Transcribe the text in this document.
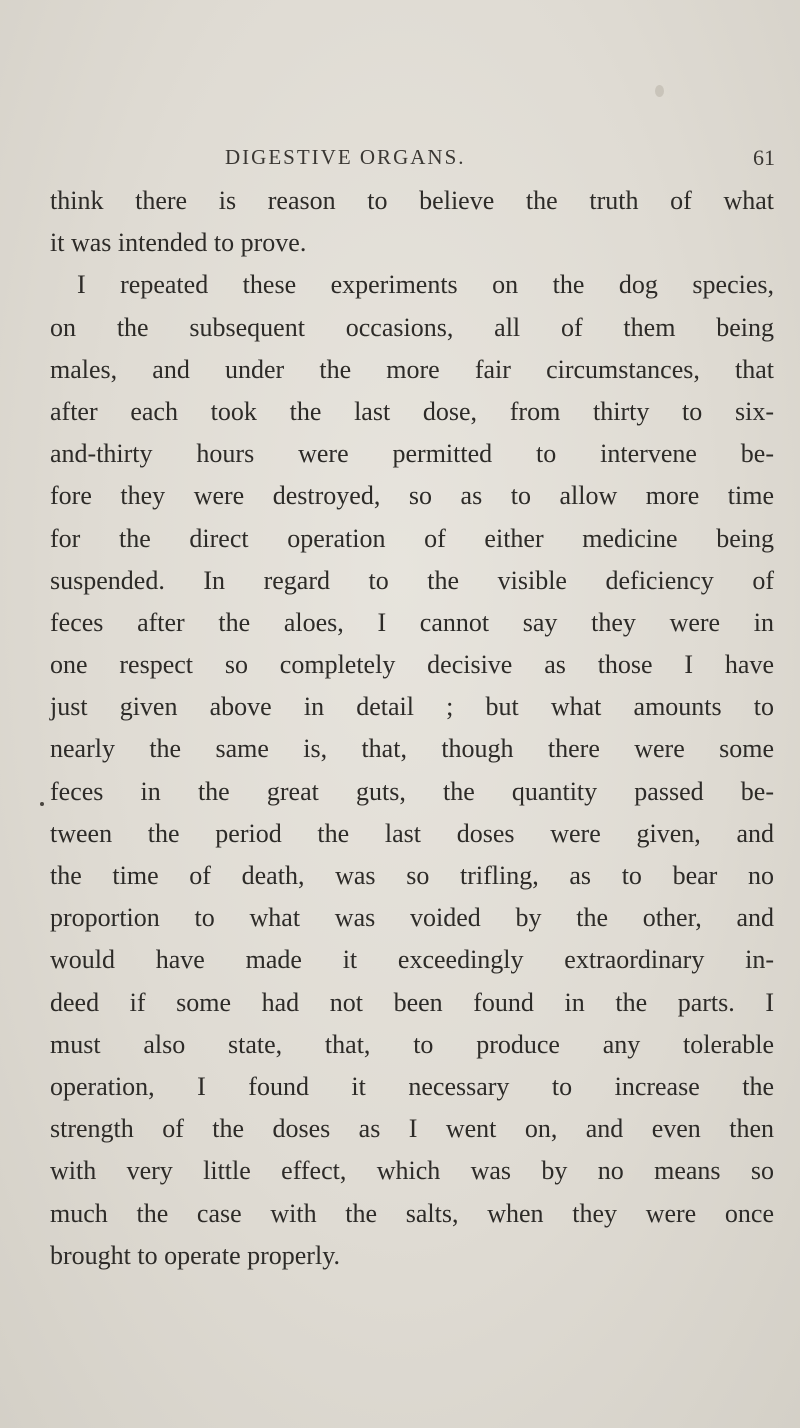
DIGESTIVE ORGANS.	61
think there is reason to believe the truth of what
it was intended to prove.
I repeated these experiments on the dog species,
on the subsequent occasions, all of them being
males, and under the more fair circumstances, that
after each took the last dose, from thirty to six-
and-thirty hours were permitted to intervene be-
fore they were destroyed, so as to allow more time
for the direct operation of either medicine being
suspended. In regard to the visible deficiency of
feces after the aloes, I cannot say they were in
one respect so completely decisive as those I have
just given above in detail ; but what amounts to
nearly the same is, that, though there were some
feces in the great guts, the quantity passed be-
tween the period the last doses were given, and
the time of death, was so trifling, as to bear no
proportion to what was voided by the other, and
would have made it exceedingly extraordinary in-
deed if some had not been found in the parts. I
must also state, that, to produce any tolerable
operation, I found it necessary to increase the
strength of the doses as I went on, and even then
with very little effect, which was by no means so
much the case with the salts, when they were once
brought to operate properly.
